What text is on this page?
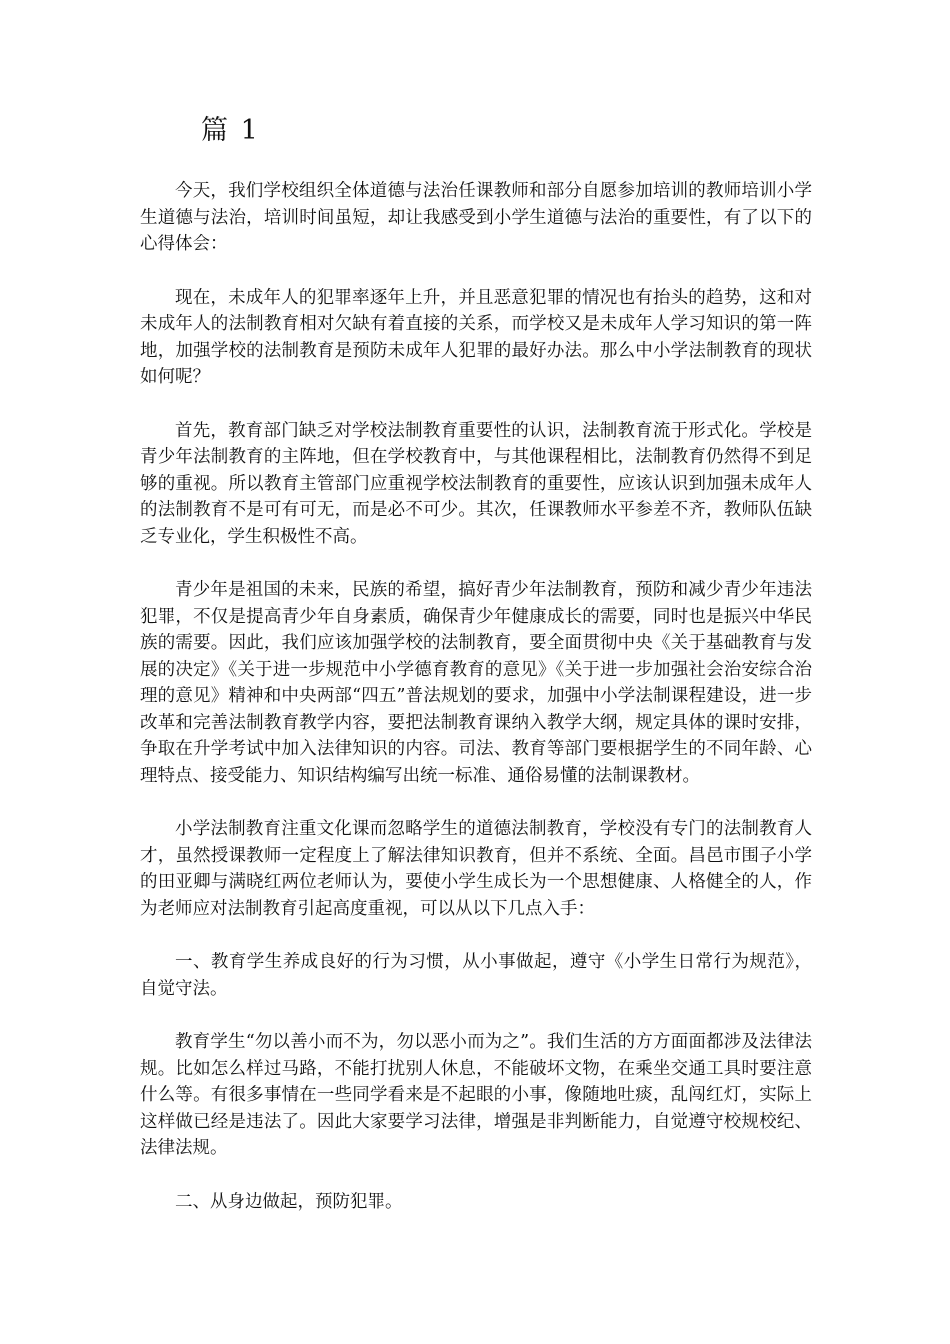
篇 1

今天，我们学校组织全体道德与法治任课教师和部分自愿参加培训的教师培训小学生道德与法治，培训时间虽短，却让我感受到小学生道德与法治的重要性，有了以下的心得体会：

现在，未成年人的犯罪率逐年上升，并且恶意犯罪的情况也有抬头的趋势，这和对未成年人的法制教育相对欠缺有着直接的关系，而学校又是未成年人学习知识的第一阵地，加强学校的法制教育是预防未成年人犯罪的最好办法。那么中小学法制教育的现状如何呢？

首先，教育部门缺乏对学校法制教育重要性的认识，法制教育流于形式化。学校是青少年法制教育的主阵地，但在学校教育中，与其他课程相比，法制教育仍然得不到足够的重视。所以教育主管部门应重视学校法制教育的重要性，应该认识到加强未成年人的法制教育不是可有可无，而是必不可少。其次，任课教师水平参差不齐，教师队伍缺乏专业化，学生积极性不高。

青少年是祖国的未来，民族的希望，搞好青少年法制教育，预防和减少青少年违法犯罪，不仅是提高青少年自身素质，确保青少年健康成长的需要，同时也是振兴中华民族的需要。因此，我们应该加强学校的法制教育，要全面贯彻中央《关于基础教育与发展的决定》《关于进一步规范中小学德育教育的意见》《关于进一步加强社会治安综合治理的意见》精神和中央两部“四五”普法规划的要求，加强中小学法制课程建设，进一步改革和完善法制教育教学内容，要把法制教育课纳入教学大纲，规定具体的课时安排，争取在升学考试中加入法律知识的内容。司法、教育等部门要根据学生的不同年龄、心理特点、接受能力、知识结构编写出统一标准、通俗易懂的法制课教材。

小学法制教育注重文化课而忽略学生的道德法制教育，学校没有专门的法制教育人才，虽然授课教师一定程度上了解法律知识教育，但并不系统、全面。昌邑市围子小学的田亚卿与满晓红两位老师认为，要使小学生成长为一个思想健康、人格健全的人，作为老师应对法制教育引起高度重视，可以从以下几点入手：

一、教育学生养成良好的行为习惯，从小事做起，遵守《小学生日常行为规范》，自觉守法。

教育学生“勿以善小而不为，勿以恶小而为之”。我们生活的方方面面都涉及法律法规。比如怎么样过马路，不能打扰别人休息，不能破坏文物，在乘坐交通工具时要注意什么等。有很多事情在一些同学看来是不起眼的小事，像随地吐痰，乱闯红灯，实际上这样做已经是违法了。因此大家要学习法律，增强是非判断能力，自觉遵守校规校纪、法律法规。

二、从身边做起，预防犯罪。
